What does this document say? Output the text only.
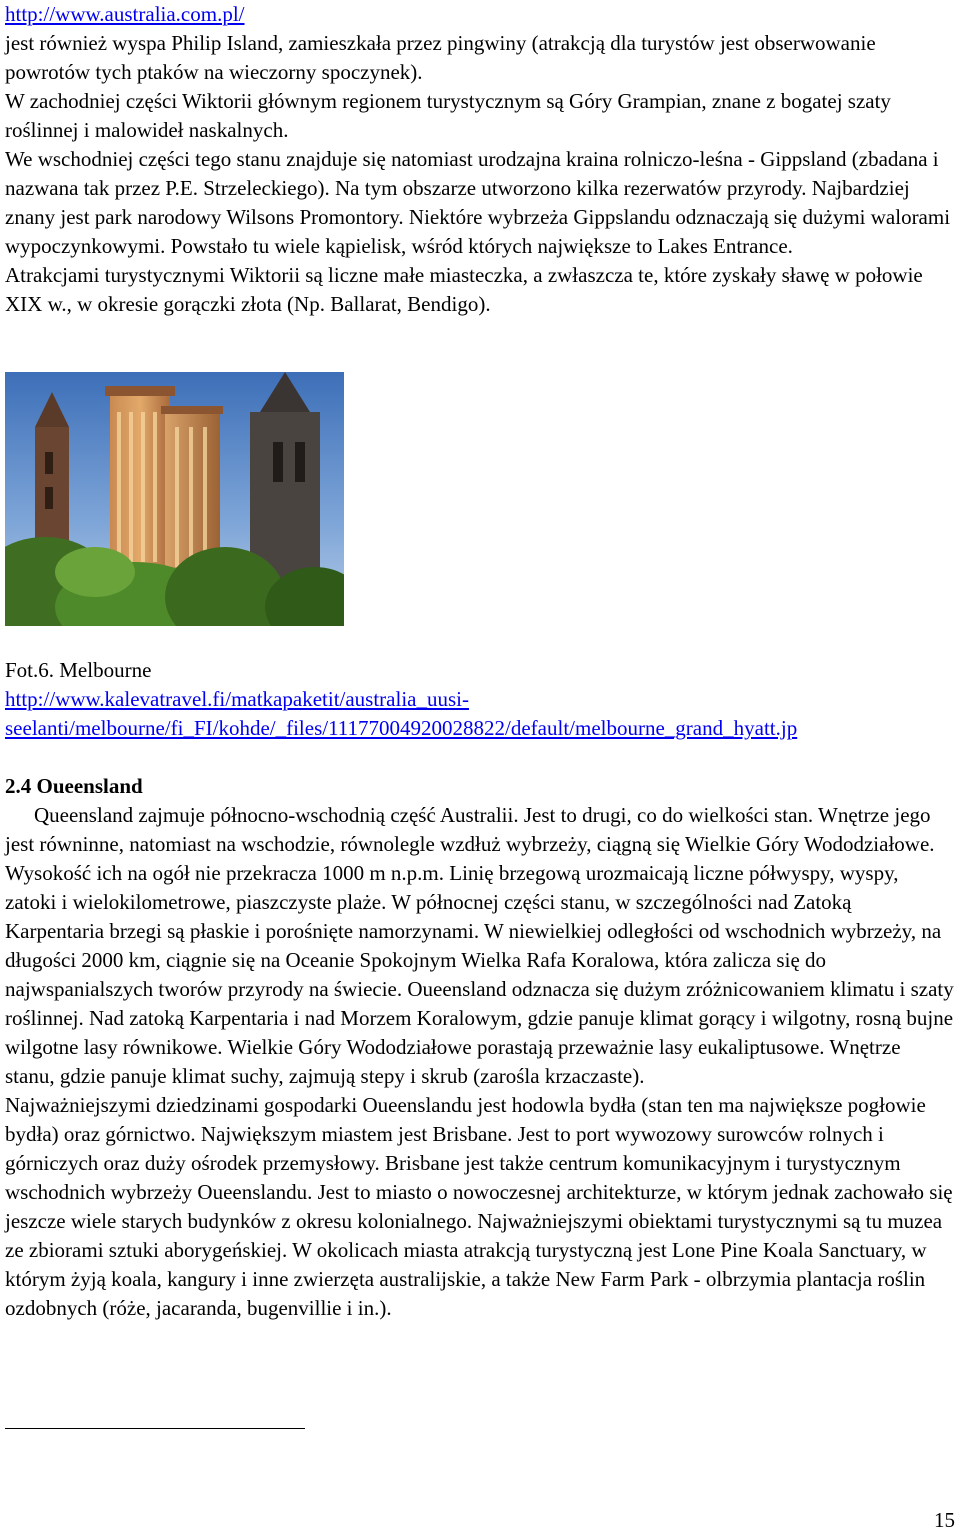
http://www.australia.com.pl/

jest również wyspa Philip Island, zamieszkała przez pingwiny (atrakcją dla turystów jest obserwowanie powrotów tych ptaków na wieczorny spoczynek).

W zachodniej części Wiktorii głównym regionem turystycznym są Góry Grampian, znane z bogatej szaty roślinnej i malowideł naskalnych.

We wschodniej części tego stanu znajduje się natomiast urodzajna kraina rolniczo-leśna - Gippsland (zbadana i nazwana tak przez P.E. Strzeleckiego). Na tym obszarze utworzono kilka rezerwatów przyrody. Najbardziej znany jest park narodowy Wilsons Promontory. Niektóre wybrzeża Gippslandu odznaczają się dużymi walorami wypoczynkowymi. Powstało tu wiele kąpielisk, wśród których największe to Lakes Entrance.

Atrakcjami turystycznymi Wiktorii są liczne małe miasteczka, a zwłaszcza te, które zyskały sławę w połowie XIX w., w okresie gorączki złota (Np. Ballarat, Bendigo).

Fot.6. Melbourne
http://www.kalevatravel.fi/matkapaketit/australia_uusi-
seelanti/melbourne/fi_FI/kohde/_files/11177004920028822/default/melbourne_grand_hyatt.jp
2.4 Oueensland

Queensland zajmuje północno-wschodnią część Australii. Jest to drugi, co do wielkości stan. Wnętrze jego jest równinne, natomiast na wschodzie, równolegle wzdłuż wybrzeży, ciągną się Wielkie Góry Wododziałowe. Wysokość ich na ogół nie przekracza 1000 m n.p.m. Linię brzegową urozmaicają liczne półwyspy, wyspy, zatoki i wielokilometrowe, piaszczyste plaże. W północnej części stanu, w szczególności nad Zatoką Karpentaria brzegi są płaskie i porośnięte namorzynami. W niewielkiej odległości od wschodnich wybrzeży, na długości 2000 km, ciągnie się na Oceanie Spokojnym Wielka Rafa Koralowa, która zalicza się do najwspanialszych tworów przyrody na świecie. Oueensland odznacza się dużym zróżnicowaniem klimatu i szaty roślinnej. Nad zatoką Karpentaria i nad Morzem Koralowym, gdzie panuje klimat gorący i wilgotny, rosną bujne wilgotne lasy równikowe. Wielkie Góry Wododziałowe porastają przeważnie lasy eukaliptusowe. Wnętrze stanu, gdzie panuje klimat suchy, zajmują stepy i skrub (zarośla krzaczaste).

Najważniejszymi dziedzinami gospodarki Oueenslandu jest hodowla bydła (stan ten ma największe pogłowie bydła) oraz górnictwo. Największym miastem jest Brisbane. Jest to port wywozowy surowców rolnych i górniczych oraz duży ośrodek przemysłowy. Brisbane jest także centrum komunikacyjnym i turystycznym wschodnich wybrzeży Oueenslandu. Jest to miasto o nowoczesnej architekturze, w którym jednak zachowało się jeszcze wiele starych budynków z okresu kolonialnego. Najważniejszymi obiektami turystycznymi są tu muzea ze zbiorami sztuki aborygeńskiej. W okolicach miasta atrakcją turystyczną jest Lone Pine Koala Sanctuary, w którym żyją koala, kangury i inne zwierzęta australijskie, a także New Farm Park - olbrzymia plantacja roślin ozdobnych (róże, jacaranda, bugenvillie i in.).

15
